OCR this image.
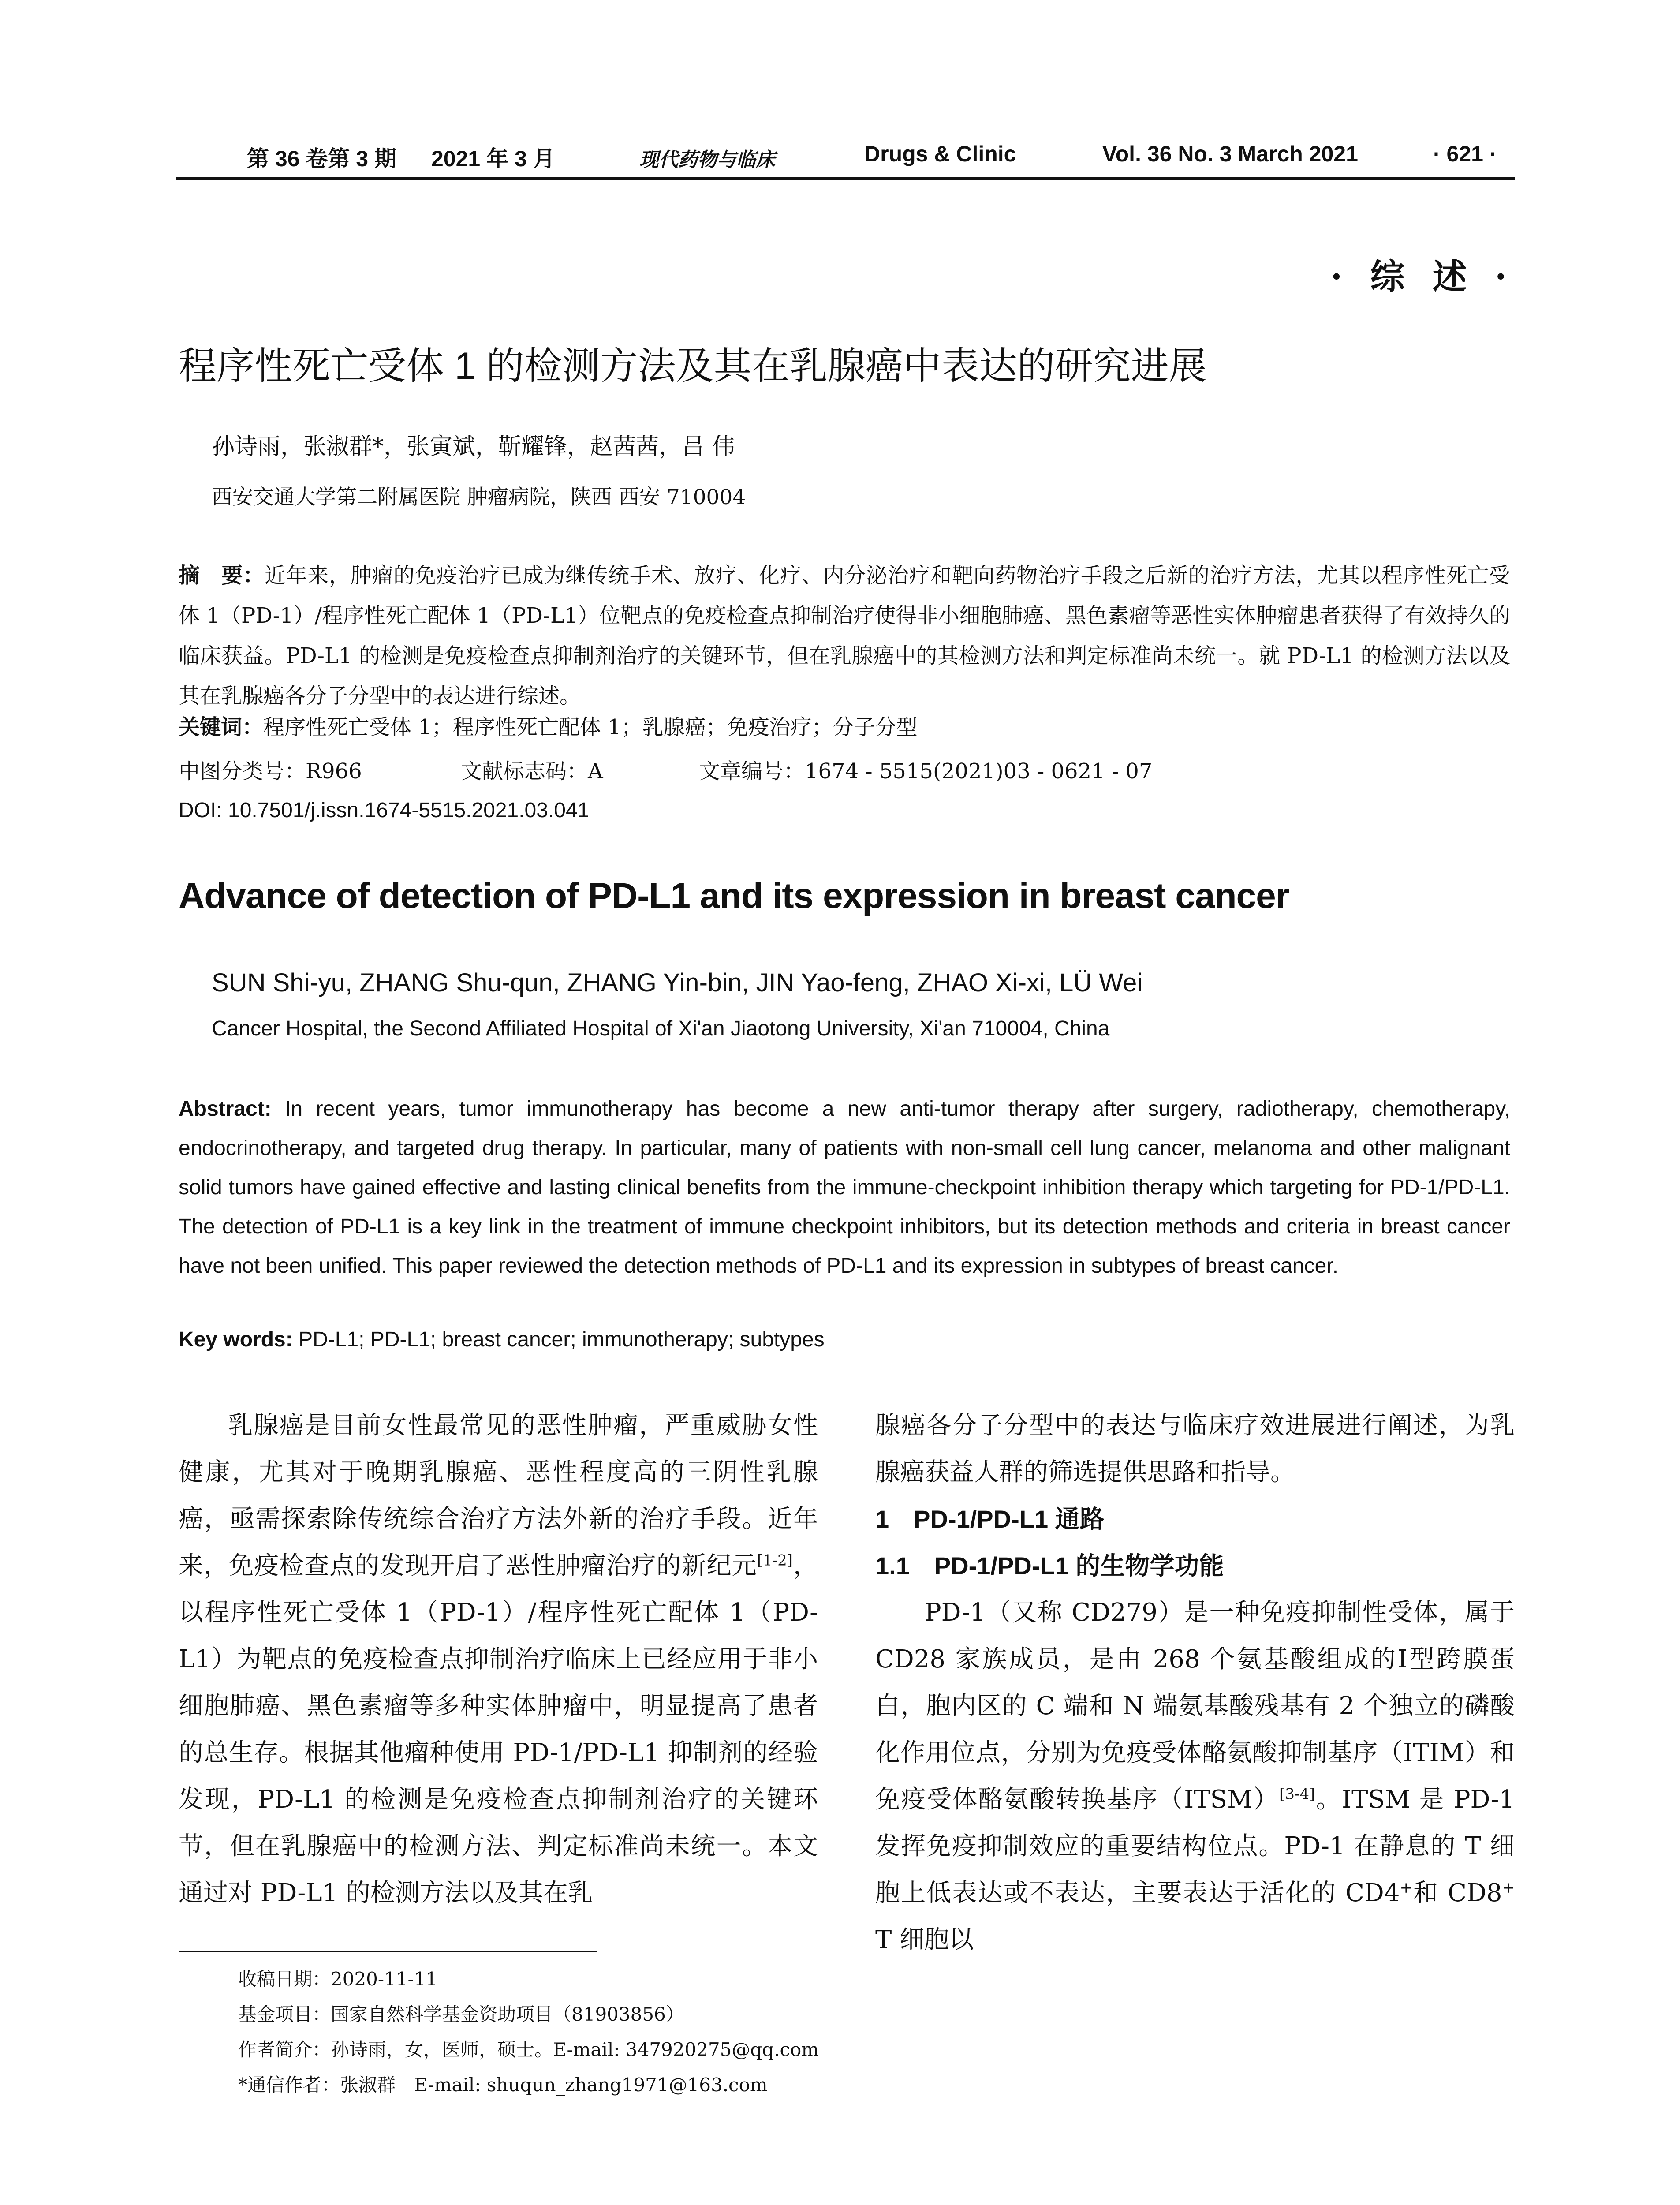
第 36 卷第 3 期 2021 年 3 月	现代药物与临床	Drugs & Clinic	Vol. 36 No. 3 March 2021	· 621 ·
· 综 述 ·
程序性死亡受体 1 的检测方法及其在乳腺癌中表达的研究进展
孙诗雨，张淑群*，张寅斌，靳耀锋，赵茜茜，吕 伟
西安交通大学第二附属医院 肿瘤病院，陕西 西安 710004
摘　要：近年来，肿瘤的免疫治疗已成为继传统手术、放疗、化疗、内分泌治疗和靶向药物治疗手段之后新的治疗方法，尤其以程序性死亡受体 1（PD-1）/程序性死亡配体 1（PD-L1）位靶点的免疫检查点抑制治疗使得非小细胞肺癌、黑色素瘤等恶性实体肿瘤患者获得了有效持久的临床获益。PD-L1 的检测是免疫检查点抑制剂治疗的关键环节，但在乳腺癌中的其检测方法和判定标准尚未统一。就 PD-L1 的检测方法以及其在乳腺癌各分子分型中的表达进行综述。
关键词：程序性死亡受体 1；程序性死亡配体 1；乳腺癌；免疫治疗；分子分型
中图分类号：R966	文献标志码：A	文章编号：1674 - 5515(2021)03 - 0621 - 07
DOI: 10.7501/j.issn.1674-5515.2021.03.041
Advance of detection of PD-L1 and its expression in breast cancer
SUN Shi-yu, ZHANG Shu-qun, ZHANG Yin-bin, JIN Yao-feng, ZHAO Xi-xi, LÜ Wei
Cancer Hospital, the Second Affiliated Hospital of Xi'an Jiaotong University, Xi'an 710004, China
Abstract: In recent years, tumor immunotherapy has become a new anti-tumor therapy after surgery, radiotherapy, chemotherapy, endocrinotherapy, and targeted drug therapy. In particular, many of patients with non-small cell lung cancer, melanoma and other malignant solid tumors have gained effective and lasting clinical benefits from the immune-checkpoint inhibition therapy which targeting for PD-1/PD-L1. The detection of PD-L1 is a key link in the treatment of immune checkpoint inhibitors, but its detection methods and criteria in breast cancer have not been unified. This paper reviewed the detection methods of PD-L1 and its expression in subtypes of breast cancer.
Key words: PD-L1; PD-L1; breast cancer; immunotherapy; subtypes

乳腺癌是目前女性最常见的恶性肿瘤，严重威胁女性健康，尤其对于晚期乳腺癌、恶性程度高的三阴性乳腺癌，亟需探索除传统综合治疗方法外新的治疗手段。近年来，免疫检查点的发现开启了恶性肿瘤治疗的新纪元[1-2]，以程序性死亡受体 1（PD-1）/程序性死亡配体 1（PD-L1）为靶点的免疫检查点抑制治疗临床上已经应用于非小细胞肺癌、黑色素瘤等多种实体肿瘤中，明显提高了患者的总生存。根据其他瘤种使用 PD-1/PD-L1 抑制剂的经验发现，PD-L1 的检测是免疫检查点抑制剂治疗的关键环节，但在乳腺癌中的检测方法、判定标准尚未统一。本文通过对 PD-L1 的检测方法以及其在乳

腺癌各分子分型中的表达与临床疗效进展进行阐述，为乳腺癌获益人群的筛选提供思路和指导。

1　PD-1/PD-L1 通路
1.1　PD-1/PD-L1 的生物学功能

PD-1（又称 CD279）是一种免疫抑制性受体，属于 CD28 家族成员，是由 268 个氨基酸组成的Ⅰ型跨膜蛋白，胞内区的 C 端和 N 端氨基酸残基有 2 个独立的磷酸化作用位点，分别为免疫受体酪氨酸抑制基序（ITIM）和免疫受体酪氨酸转换基序（ITSM）[3-4]。ITSM 是 PD-1 发挥免疫抑制效应的重要结构位点。PD-1 在静息的 T 细胞上低表达或不表达，主要表达于活化的 CD4+和 CD8+ T 细胞以

收稿日期：2020-11-11
基金项目：国家自然科学基金资助项目（81903856）
作者简介：孙诗雨，女，医师，硕士。E-mail: 347920275@qq.com
*通信作者：张淑群　E-mail: shuqun_zhang1971@163.com
